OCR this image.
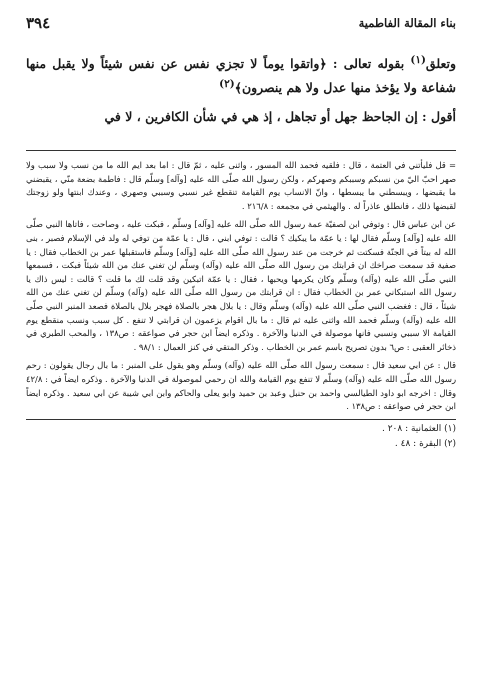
بناء المقالة الفاطمية
٣٩٤

وتعلق$^{(١)}$ بقوله تعالى : ﴿واتقوا يوماً لا تجزي نفس عن نفس شيئاً ولا يقبل منها شفاعة ولا يؤخذ منها عدل ولا هم ينصرون﴾$^{(٢)}$

أقول : إن الجاحظ جهل أو تجاهل ، إذ هي في شأن الكافرين ، لا في

= قل فليأتني في العتمة ، قال : فلقيه فحمد الله المسور ، واثنى عليه ، ثمّ قال : اما بعد ايم الله ما من نسب ولا سبب ولا صهر احبّ اليّ من نسبكم وسببكم وصهركم ، ولكن رسول الله صلّى الله عليه [وآله] وسلّم قال : فاطمة بضعة منّي ، يقبضني ما يقبضها ، ويبسطني ما يبسطها ، وانّ الانساب يوم القيامة تنقطع غير نسبي وسببي وصهري ، وعندك ابنتها ولو زوجتك لقبضها ذلك ، فانطلق عاذراً له . والهيثمي في مجمعه : ٢١٦/٨ .

عن ابن عباس قال : وتوفي ابن لصفيّة عمة رسول الله صلّى الله عليه [وآله] وسلّم ، فبكت عليه ، وصاحت ، فاتاها النبي صلّى الله عليه [وآله] وسلّم فقال لها : يا عمّة ما يبكيك ؟ قالت : توفي ابني ، قال : يا عمّة من توفي له ولد في الإسلام فصبر ، بنى الله له بيتاً في الجنّة فسكتت ثم خرجت من عند رسول الله صلّى الله عليه [وآله] وسلّم فاستقبلها عمر بن الخطاب فقال : يا صفية قد سمعت صراخك ان قرابتك من رسول الله صلّى الله عليه (وآله) وسلّم لن تغني عنك من الله شيئاً فبكت ، فسمعها النبي صلّى الله عليه (وآله) وسلّم وكان يكرمها ويحبها ، فقال : يا عمّة اتبكين وقد قلت لك ما قلت ؟ قالت : ليس ذاك يا رسول الله استبكاني عمر بن الخطاب فقال : ان قرابتك من رسول الله صلّى الله عليه (وآله) وسلّم لن تغني عنك من الله شيئاً ، قال : فغضب النبي صلّى الله عليه (وآله) وسلّم وقال : يا بلال هجر بالصلاة فهجر بلال بالصلاة فصعد المنبر النبي صلّى الله عليه (وآله) وسلّم فحمد الله واثنى عليه ثم قال : ما بال اقوام يزعمون ان قرابتي لا تنفع . كل سبب ونسب منقطع يوم القيامة الا سببي ونسبي فانها موصولة في الدنيا والآخرة . وذكره ايضاً ابن حجر في صواعقه : ص١٣٨ ، والمحب الطبري في ذخائر العقبى : ص٦ بدون تصريح باسم عمر بن الخطاب . وذكر المتقي في كنز العمال : ٩٨/١ .

قال : عن ابي سعيد قال : سمعت رسول الله صلّى الله عليه (وآله) وسلّم وهو يقول على المنبر : ما بال رجال يقولون : رحم رسول الله صلّى الله عليه (وآله) وسلّم لا تنفع يوم القيامة والله ان رحمي لموصولة في الدنيا والآخرة . وذكره ايضاً في : ٤٢/٨ وقال : اخرجه ابو داود الطيالسي واحمد بن حنبل وعبد بن حميد وابو يعلى والحاكم وابن ابي شيبة عن ابي سعيد . وذكره ايضاً ابن حجر في صواعقه : ص١٣٨ .

(١) العثمانية : ٢٠٨ .

(٢) البقرة : ٤٨ .
